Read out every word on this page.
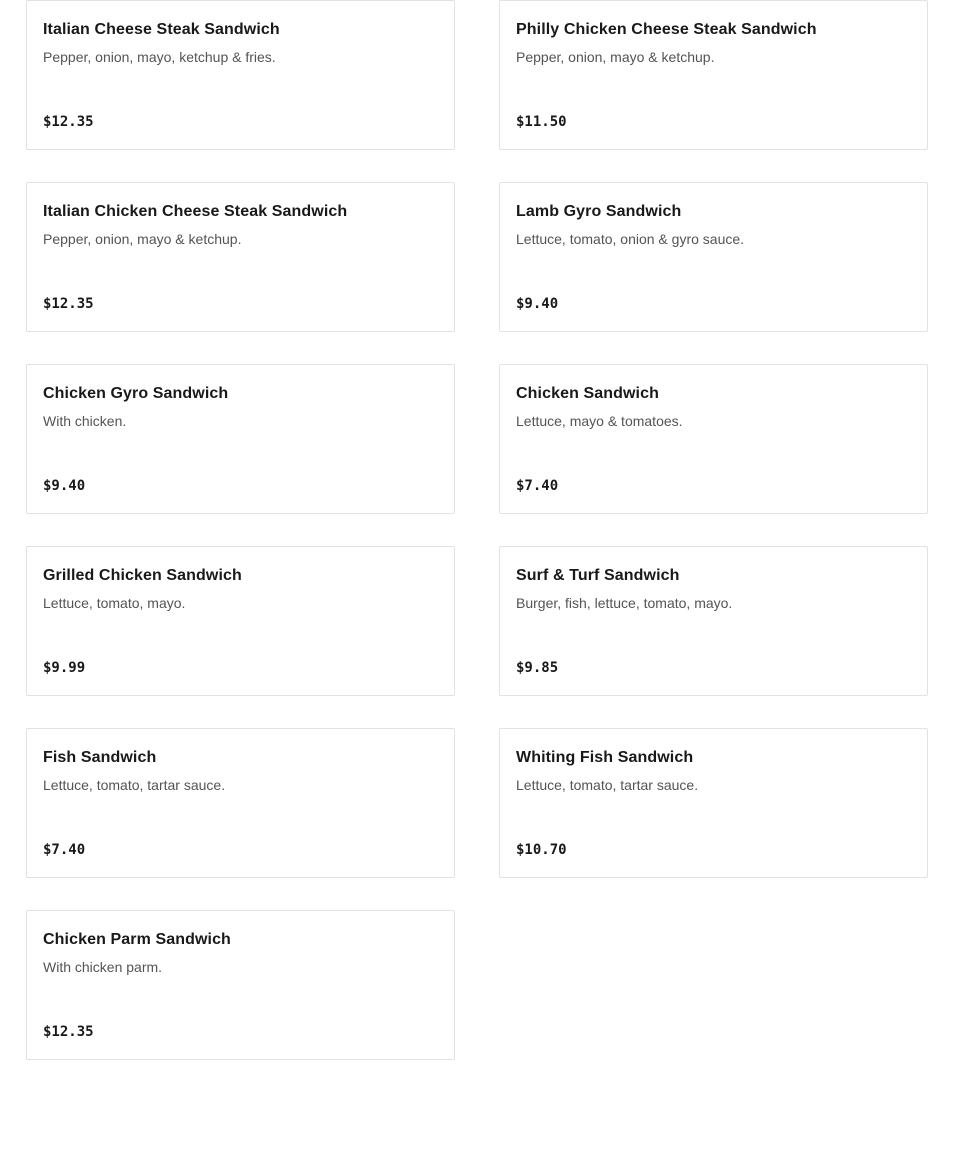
Italian Cheese Steak Sandwich
Pepper, onion, mayo, ketchup & fries.
$12.35
Philly Chicken Cheese Steak Sandwich
Pepper, onion, mayo & ketchup.
$11.50
Italian Chicken Cheese Steak Sandwich
Pepper, onion, mayo & ketchup.
$12.35
Lamb Gyro Sandwich
Lettuce, tomato, onion & gyro sauce.
$9.40
Chicken Gyro Sandwich
With chicken.
$9.40
Chicken Sandwich
Lettuce, mayo & tomatoes.
$7.40
Grilled Chicken Sandwich
Lettuce, tomato, mayo.
$9.99
Surf & Turf Sandwich
Burger, fish, lettuce, tomato, mayo.
$9.85
Fish Sandwich
Lettuce, tomato, tartar sauce.
$7.40
Whiting Fish Sandwich
Lettuce, tomato, tartar sauce.
$10.70
Chicken Parm Sandwich
With chicken parm.
$12.35
